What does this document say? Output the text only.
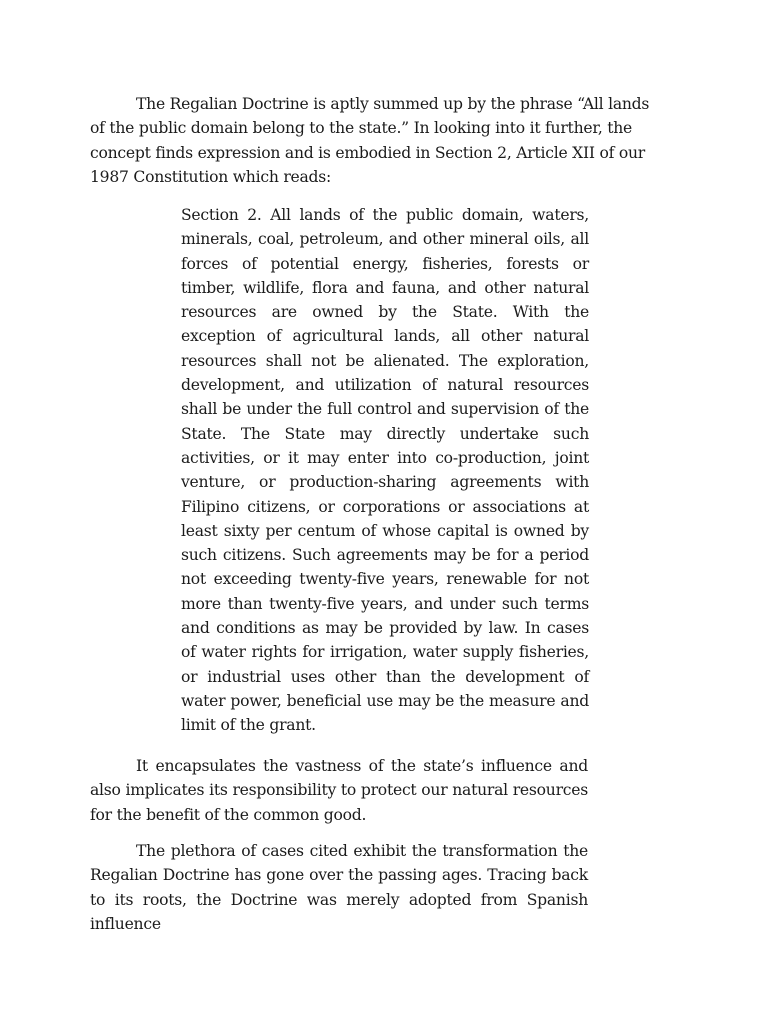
The Regalian Doctrine is aptly summed up by the phrase “All lands of the public domain belong to the state.” In looking into it further, the concept finds expression and is embodied in Section 2, Article XII of our 1987 Constitution which reads:

Section 2. All lands of the public domain, waters, minerals, coal, petroleum, and other mineral oils, all forces of potential energy, fisheries, forests or timber, wildlife, flora and fauna, and other natural resources are owned by the State. With the exception of agricultural lands, all other natural resources shall not be alienated. The exploration, development, and utilization of natural resources shall be under the full control and supervision of the State. The State may directly undertake such activities, or it may enter into co-production, joint venture, or production-sharing agreements with Filipino citizens, or corporations or associations at least sixty per centum of whose capital is owned by such citizens. Such agreements may be for a period not exceeding twenty-five years, renewable for not more than twenty-five years, and under such terms and conditions as may be provided by law. In cases of water rights for irrigation, water supply fisheries, or industrial uses other than the development of water power, beneficial use may be the measure and limit of the grant.

It encapsulates the vastness of the state’s influence and also implicates its responsibility to protect our natural resources for the benefit of the common good.

The plethora of cases cited exhibit the transformation the Regalian Doctrine has gone over the passing ages. Tracing back to its roots, the Doctrine was merely adopted from Spanish influence
